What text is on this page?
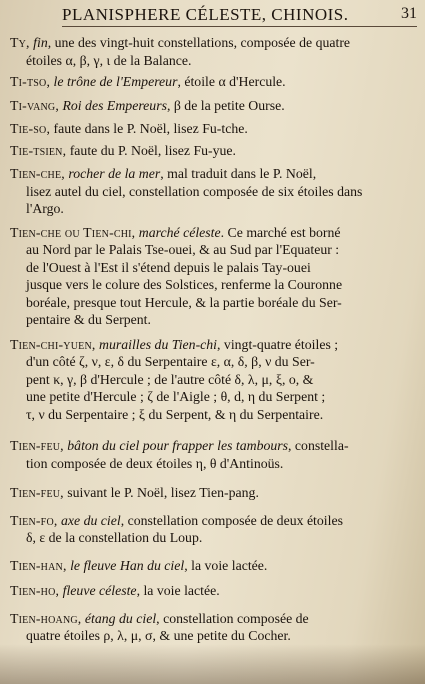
PLANISPHERE CÉLESTE, CHINOIS.	31
Ty, fin, une des vingt-huit constellations, composée de quatre
étoiles α, β, γ, ι de la Balance.
Ti-tso, le trône de l'Empereur, étoile α d'Hercule.
Ti-vang, Roi des Empereurs, β de la petite Ourse.
Tie-so, faute dans le P. Noël, lisez Fu-tche.
Tie-tsien, faute du P. Noël, lisez Fu-yue.
Tien-che, rocher de la mer, mal traduit dans le P. Noël,
lisez autel du ciel, constellation composée de six étoiles dans
l'Argo.
Tien-che ou Tien-chi, marché céleste. Ce marché est borné
au Nord par le Palais Tse-ouei, & au Sud par l'Equateur :
de l'Ouest à l'Est il s'étend depuis le palais Tay-ouei
jusque vers le colure des Solstices, renferme la Couronne
boréale, presque tout Hercule, & la partie boréale du Ser-
pentaire & du Serpent.
Tien-chi-yuen, murailles du Tien-chi, vingt-quatre étoiles ;
d'un côté ζ, ν, ε, δ du Serpentaire ε, α, δ, β, ν du Ser-
pent κ, γ, β d'Hercule ; de l'autre côté δ, λ, μ, ξ, ο, &
une petite d'Hercule ; ζ de l'Aigle ; θ, d, η du Serpent ;
τ, ν du Serpentaire ; ξ du Serpent, & η du Serpentaire.
Tien-feu, bâton du ciel pour frapper les tambours, constella-
tion composée de deux étoiles η, θ d'Antinoüs.
Tien-feu, suivant le P. Noël, lisez Tien-pang.
Tien-fo, axe du ciel, constellation composée de deux étoiles
δ, ε de la constellation du Loup.
Tien-han, le fleuve Han du ciel, la voie lactée.
Tien-ho, fleuve céleste, la voie lactée.
Tien-hoang, étang du ciel, constellation composée de
quatre étoiles ρ, λ, μ, σ, & une petite du Cocher.
